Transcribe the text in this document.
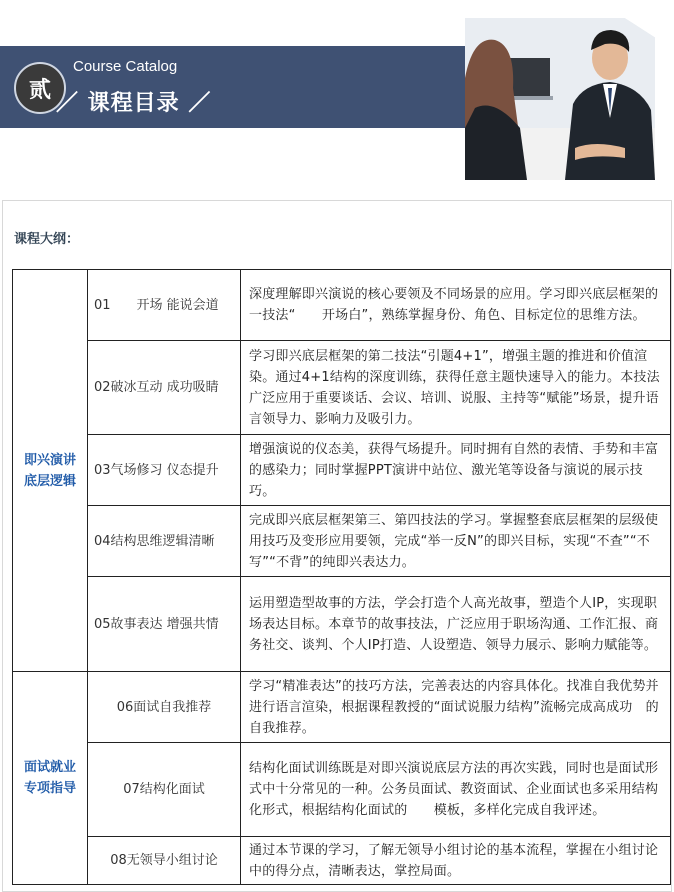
贰
Course Catalog
／ 课程目录 ／
课程大纲：
即兴演讲底层逻辑	01　　开场 能说会道	深度理解即兴演说的核心要领及不同场景的应用。学习即兴底层框架的　一技法“　　开场白”，熟练掌握身份、角色、目标定位的思维方法。
	02破冰互动 成功吸睛	学习即兴底层框架的第二技法“引题4+1”，增强主题的推进和价值渲染。通过4+1结构的深度训练，获得任意主题快速导入的能力。本技法广泛应用于重要谈话、会议、培训、说服、主持等“赋能”场景，提升语言领导力、影响力及吸引力。
	03气场修习 仪态提升	增强演说的仪态美，获得气场提升。同时拥有自然的表情、手势和丰富的感染力；同时掌握PPT演讲中站位、激光笔等设备与演说的展示技巧。
	04结构思维逻辑清晰	完成即兴底层框架第三、第四技法的学习。掌握整套底层框架的层级使用技巧及变形应用要领，完成“举一反N”的即兴目标，实现“不查”“不写”“不背”的纯即兴表达力。
	05故事表达 增强共情	运用塑造型故事的方法，学会打造个人高光故事，塑造个人IP，实现职场表达目标。本章节的故事技法，广泛应用于职场沟通、工作汇报、商务社交、谈判、个人IP打造、人设塑造、领导力展示、影响力赋能等。
面试就业专项指导	06面试自我推荐	学习“精准表达”的技巧方法，完善表达的内容具体化。找准自我优势并进行语言渲染，根据课程教授的“面试说服力结构”流畅完成高成功　的自我推荐。
	07结构化面试	结构化面试训练既是对即兴演说底层方法的再次实践，同时也是面试形式中十分常见的一种。公务员面试、教资面试、企业面试也多采用结构化形式，根据结构化面试的　　模板，多样化完成自我评述。
	08无领导小组讨论	通过本节课的学习，了解无领导小组讨论的基本流程，掌握在小组讨论中的得分点，清晰表达，掌控局面。
